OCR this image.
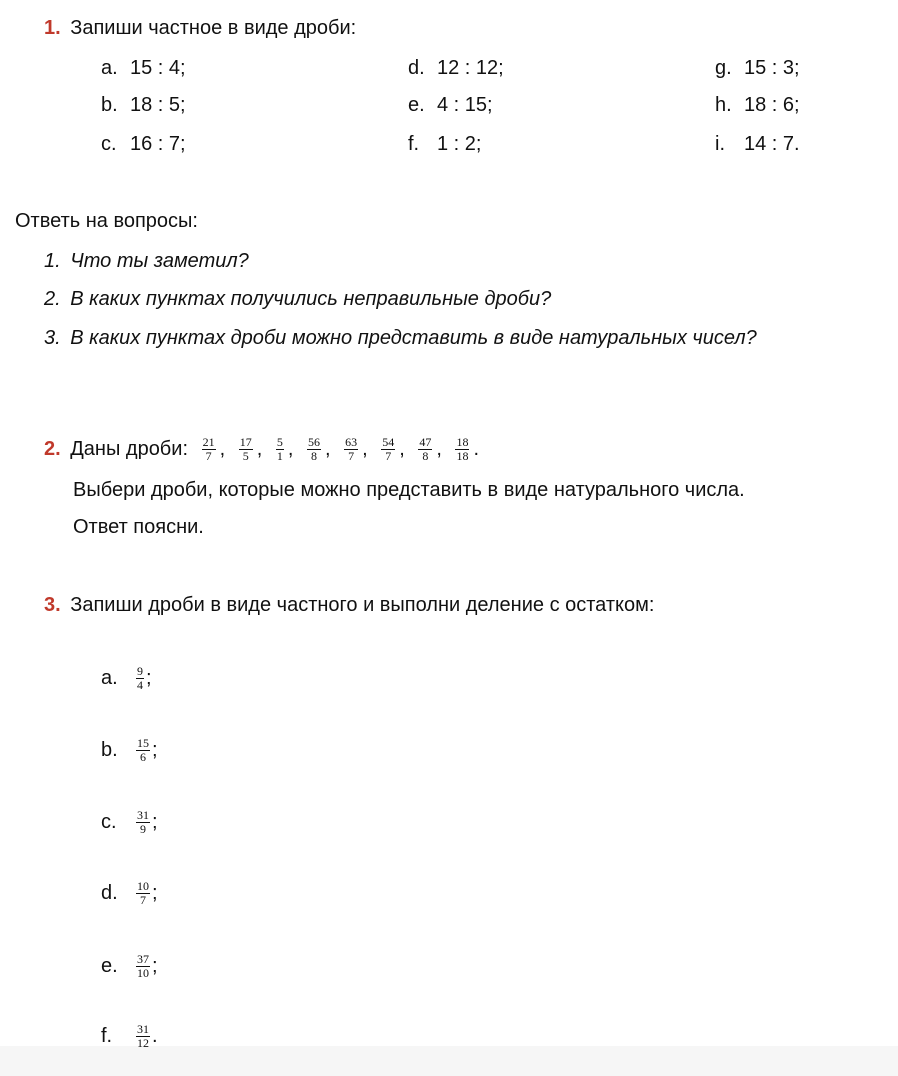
1. Запиши частное в виде дроби:
a. 15 : 4;
b. 18 : 5;
c. 16 : 7;
d. 12 : 12;
e. 4 : 15;
f. 1 : 2;
g. 15 : 3;
h. 18 : 6;
i. 14 : 7.
Ответь на вопросы:
1. Что ты заметил?
2. В каких пунктах получились неправильные дроби?
3. В каких пунктах дроби можно представить в виде натуральных чисел?
2. Даны дроби: $\frac{21}{7}$ , $\frac{17}{5}$ , $\frac{5}{1}$ , $\frac{56}{8}$ , $\frac{63}{7}$ , $\frac{54}{7}$ , $\frac{47}{8}$ , $\frac{18}{18}$ .
Выбери дроби, которые можно представить в виде натурального числа.
Ответ поясни.
3. Запиши дроби в виде частного и выполни деление с остатком:
a. $\frac{9}{4}$ ;
b. $\frac{15}{6}$ ;
c. $\frac{31}{9}$ ;
d. $\frac{10}{7}$ ;
e. $\frac{37}{10}$ ;
f. $\frac{31}{12}$ .
